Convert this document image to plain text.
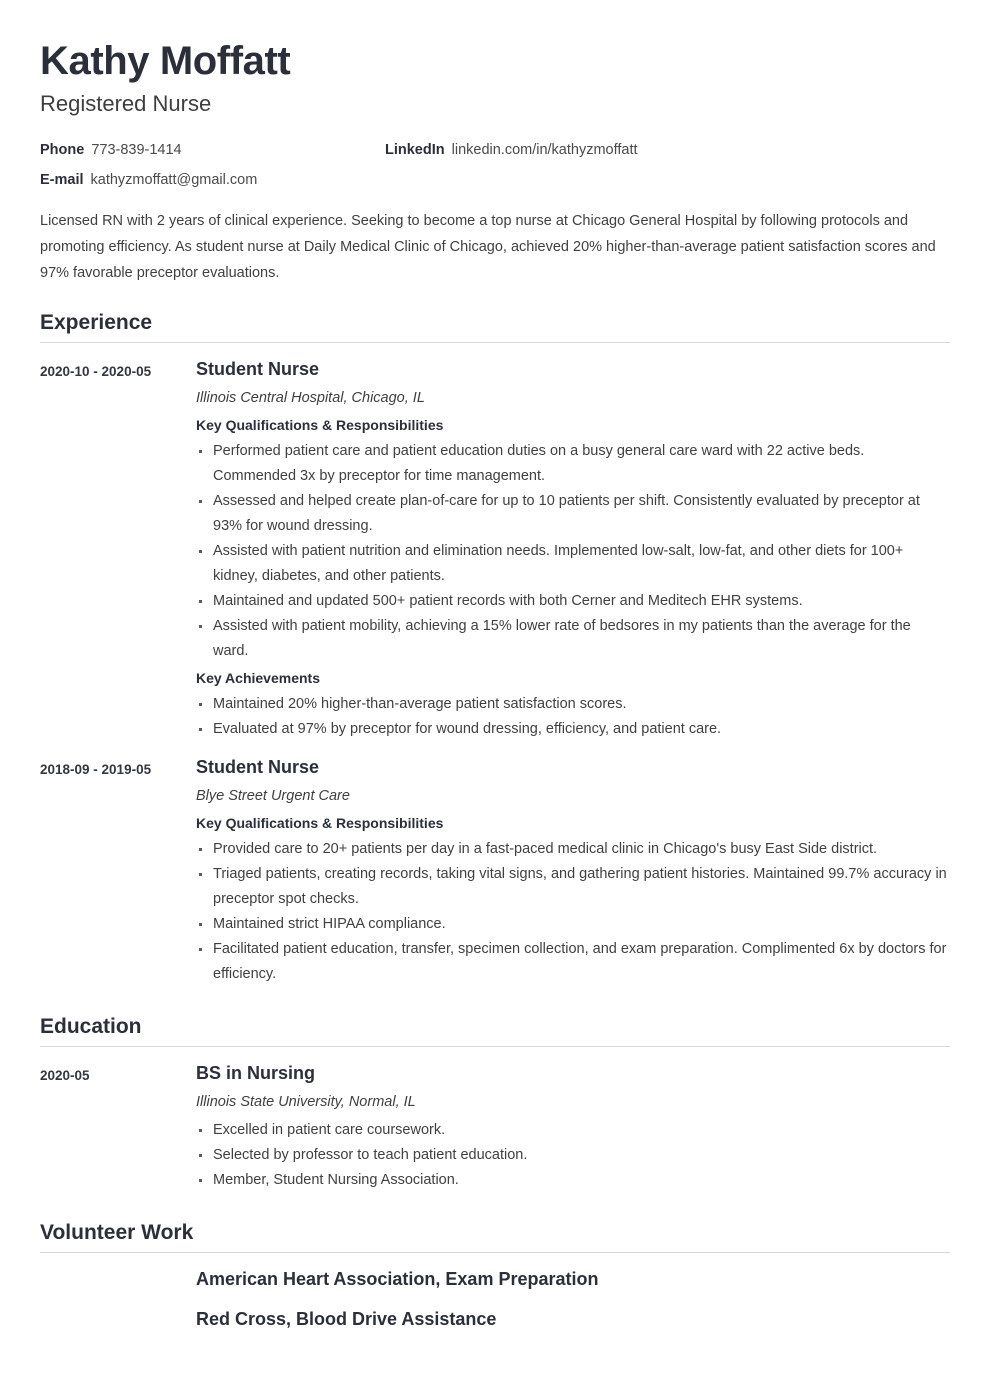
Kathy Moffatt
Registered Nurse
Phone 773-839-1414	LinkedIn linkedin.com/in/kathyzmoffatt
E-mail kathyzmoffatt@gmail.com

Licensed RN with 2 years of clinical experience. Seeking to become a top nurse at Chicago General Hospital by following protocols and promoting efficiency. As student nurse at Daily Medical Clinic of Chicago, achieved 20% higher-than-average patient satisfaction scores and 97% favorable preceptor evaluations.

Experience
2020-10 - 2020-05	Student Nurse
Illinois Central Hospital, Chicago, IL
Key Qualifications & Responsibilities
Performed patient care and patient education duties on a busy general care ward with 22 active beds. Commended 3x by preceptor for time management.
Assessed and helped create plan-of-care for up to 10 patients per shift. Consistently evaluated by preceptor at 93% for wound dressing.
Assisted with patient nutrition and elimination needs. Implemented low-salt, low-fat, and other diets for 100+ kidney, diabetes, and other patients.
Maintained and updated 500+ patient records with both Cerner and Meditech EHR systems.
Assisted with patient mobility, achieving a 15% lower rate of bedsores in my patients than the average for the ward.
Key Achievements
Maintained 20% higher-than-average patient satisfaction scores.
Evaluated at 97% by preceptor for wound dressing, efficiency, and patient care.
2018-09 - 2019-05	Student Nurse
Blye Street Urgent Care
Key Qualifications & Responsibilities
Provided care to 20+ patients per day in a fast-paced medical clinic in Chicago's busy East Side district.
Triaged patients, creating records, taking vital signs, and gathering patient histories. Maintained 99.7% accuracy in preceptor spot checks.
Maintained strict HIPAA compliance.
Facilitated patient education, transfer, specimen collection, and exam preparation. Complimented 6x by doctors for efficiency.
Education
2020-05	BS in Nursing
Illinois State University, Normal, IL
Excelled in patient care coursework.
Selected by professor to teach patient education.
Member, Student Nursing Association.
Volunteer Work
American Heart Association, Exam Preparation
Red Cross, Blood Drive Assistance
